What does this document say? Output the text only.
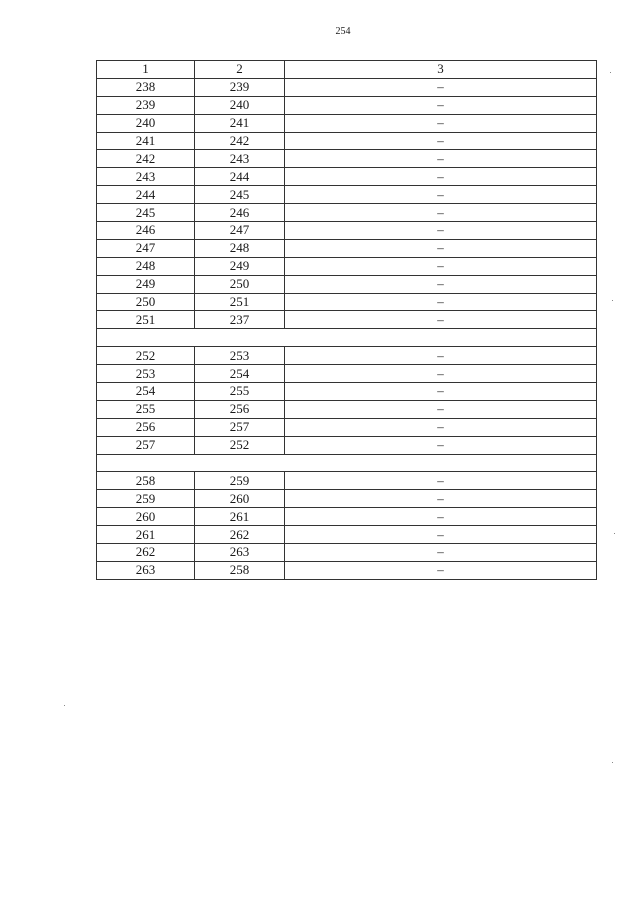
254
1	2	3
238	239	–
239	240	–
240	241	–
241	242	–
242	243	–
243	244	–
244	245	–
245	246	–
246	247	–
247	248	–
248	249	–
249	250	–
250	251	–
251	237	–

252	253	–
253	254	–
254	255	–
255	256	–
256	257	–
257	252	–

258	259	–
259	260	–
260	261	–
261	262	–
262	263	–
263	258	–
